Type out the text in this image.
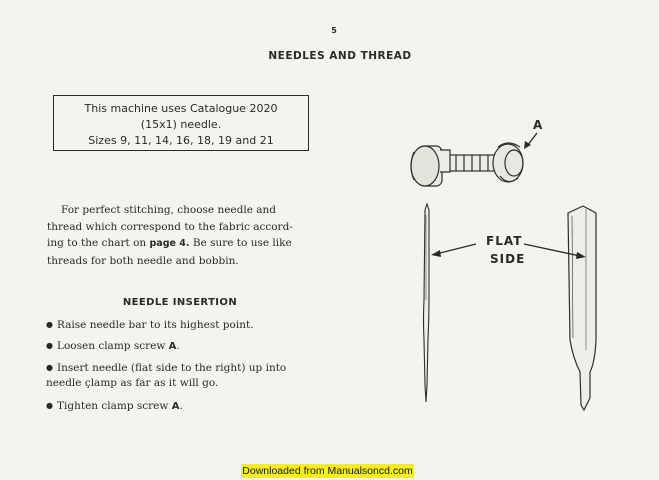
5
NEEDLES AND THREAD
This machine uses Catalogue 2020
(15x1) needle.
Sizes 9, 11, 14, 16, 18, 19 and 21
For perfect stitching, choose needle and
thread which correspond to the fabric accord-
ing to the chart on page 4. Be sure to use like
threads for both needle and bobbin.
NEEDLE INSERTION
● Raise needle bar to its highest point.
● Loosen clamp screw A.
● Insert needle (flat side to the right) up into
needle çlamp as far as it will go.
● Tighten clamp screw A.
A
FLAT
SIDE
Downloaded from Manualsoncd.com
